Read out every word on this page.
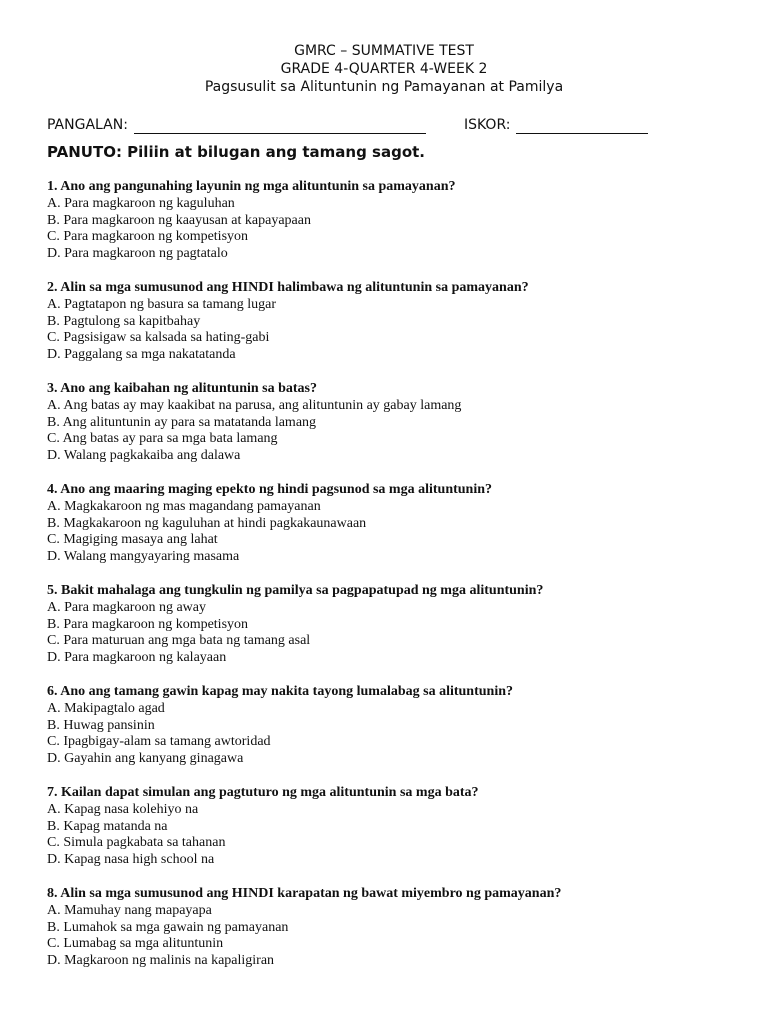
GMRC – SUMMATIVE TEST
GRADE 4-QUARTER 4-WEEK 2
Pagsusulit sa Alituntunin ng Pamayanan at Pamilya
PANGALAN:	ISKOR:
PANUTO: Piliin at bilugan ang tamang sagot.
1. Ano ang pangunahing layunin ng mga alituntunin sa pamayanan?
A. Para magkaroon ng kaguluhan
B. Para magkaroon ng kaayusan at kapayapaan
C. Para magkaroon ng kompetisyon
D. Para magkaroon ng pagtatalo
2. Alin sa mga sumusunod ang HINDI halimbawa ng alituntunin sa pamayanan?
A. Pagtatapon ng basura sa tamang lugar
B. Pagtulong sa kapitbahay
C. Pagsisigaw sa kalsada sa hating-gabi
D. Paggalang sa mga nakatatanda
3. Ano ang kaibahan ng alituntunin sa batas?
A. Ang batas ay may kaakibat na parusa, ang alituntunin ay gabay lamang
B. Ang alituntunin ay para sa matatanda lamang
C. Ang batas ay para sa mga bata lamang
D. Walang pagkakaiba ang dalawa
4. Ano ang maaring maging epekto ng hindi pagsunod sa mga alituntunin?
A. Magkakaroon ng mas magandang pamayanan
B. Magkakaroon ng kaguluhan at hindi pagkakaunawaan
C. Magiging masaya ang lahat
D. Walang mangyayaring masama
5. Bakit mahalaga ang tungkulin ng pamilya sa pagpapatupad ng mga alituntunin?
A. Para magkaroon ng away
B. Para magkaroon ng kompetisyon
C. Para maturuan ang mga bata ng tamang asal
D. Para magkaroon ng kalayaan
6. Ano ang tamang gawin kapag may nakita tayong lumalabag sa alituntunin?
A. Makipagtalo agad
B. Huwag pansinin
C. Ipagbigay-alam sa tamang awtoridad
D. Gayahin ang kanyang ginagawa
7. Kailan dapat simulan ang pagtuturo ng mga alituntunin sa mga bata?
A. Kapag nasa kolehiyo na
B. Kapag matanda na
C. Simula pagkabata sa tahanan
D. Kapag nasa high school na
8. Alin sa mga sumusunod ang HINDI karapatan ng bawat miyembro ng pamayanan?
A. Mamuhay nang mapayapa
B. Lumahok sa mga gawain ng pamayanan
C. Lumabag sa mga alituntunin
D. Magkaroon ng malinis na kapaligiran
